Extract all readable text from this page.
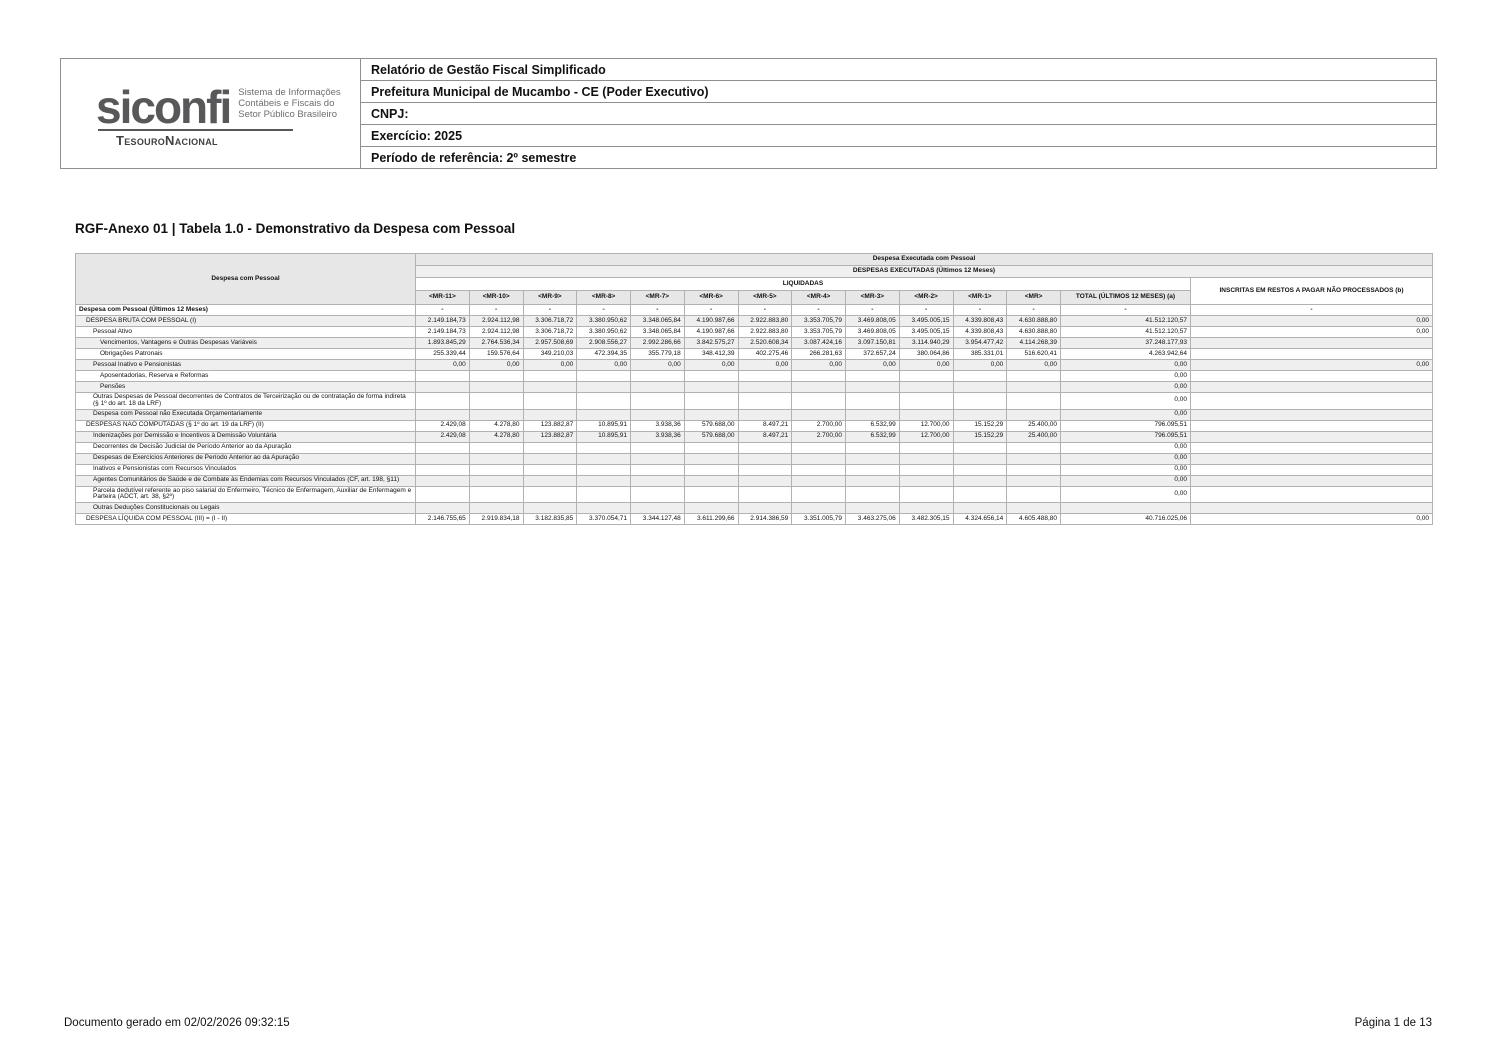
siconfi Sistema de Informações
Contábeis e Fiscais do
Setor Público Brasileiro
TesouroNacional
	Relatório de Gestão Fiscal Simplificado
Prefeitura Municipal de Mucambo - CE (Poder Executivo)
CNPJ:
Exercício: 2025
Período de referência: 2º semestre
RGF-Anexo 01 | Tabela 1.0 - Demonstrativo da Despesa com Pessoal
Despesa com Pessoal	Despesa Executada com Pessoal													
	DESPESAS EXECUTADAS (Últimos 12 Meses)													
	LIQUIDADAS													INSCRITAS EM RESTOS A PAGAR NÃO PROCESSADOS (b)
	<MR-11>	<MR-10>	<MR-9>	<MR-8>	<MR-7>	<MR-6>	<MR-5>	<MR-4>	<MR-3>	<MR-2>	<MR-1>	<MR>	TOTAL (ÚLTIMOS 12 MESES) (a)	
Despesa com Pessoal (Últimos 12 Meses)	-	-	-	-	-	-	-	-	-	-	-	-	-	-
DESPESA BRUTA COM PESSOAL (I)	2.149.184,73	2.924.112,98	3.306.718,72	3.380.950,62	3.348.065,84	4.190.987,66	2.922.883,80	3.353.705,79	3.469.808,05	3.495.005,15	4.339.808,43	4.630.888,80	41.512.120,57	0,00
Pessoal Ativo	2.149.184,73	2.924.112,98	3.306.718,72	3.380.950,62	3.348.065,84	4.190.987,66	2.922.883,80	3.353.705,79	3.469.808,05	3.495.005,15	4.339.808,43	4.630.888,80	41.512.120,57	0,00
Vencimentos, Vantagens e Outras Despesas Variáveis	1.893.845,29	2.764.536,34	2.957.508,69	2.908.556,27	2.992.286,66	3.842.575,27	2.520.608,34	3.087.424,16	3.097.150,81	3.114.940,29	3.954.477,42	4.114.268,39	37.248.177,93	
Obrigações Patronais	255.339,44	159.576,64	349.210,03	472.394,35	355.779,18	348.412,39	402.275,46	266.281,63	372.657,24	380.064,86	385.331,01	516.620,41	4.263.942,64	
Pessoal Inativo e Pensionistas	0,00	0,00	0,00	0,00	0,00	0,00	0,00	0,00	0,00	0,00	0,00	0,00	0,00	0,00
Aposentadorias, Reserva e Reformas													0,00	
Pensões													0,00	
Outras Despesas de Pessoal decorrentes de Contratos de Terceirização ou de contratação de forma indireta (§ 1º do art. 18 da LRF)													0,00	
Despesa com Pessoal não Executada Orçamentariamente													0,00	
DESPESAS NÃO COMPUTADAS (§ 1º do art. 19 da LRF) (II)	2.429,08	4.278,80	123.882,87	10.895,91	3.938,36	579.688,00	8.497,21	2.700,00	6.532,99	12.700,00	15.152,29	25.400,00	796.095,51	
Indenizações por Demissão e Incentivos à Demissão Voluntária	2.429,08	4.278,80	123.882,87	10.895,91	3.938,36	579.688,00	8.497,21	2.700,00	6.532,99	12.700,00	15.152,29	25.400,00	796.095,51	
Decorrentes de Decisão Judicial de Período Anterior ao da Apuração													0,00	
Despesas de Exercícios Anteriores de Período Anterior ao da Apuração													0,00	
Inativos e Pensionistas com Recursos Vinculados													0,00	
Agentes Comunitários de Saúde e de Combate às Endemias com Recursos Vinculados (CF, art. 198, §11)													0,00	
Parcela dedutível referente ao piso salarial do Enfermeiro, Técnico de Enfermagem, Auxiliar de Enfermagem e Parteira (ADCT, art. 38, §2º)													0,00	
Outras Deduções Constitucionais ou Legais														
DESPESA LÍQUIDA COM PESSOAL (III) = (I - II)	2.146.755,65	2.919.834,18	3.182.835,85	3.370.054,71	3.344.127,48	3.611.299,66	2.914.386,59	3.351.005,79	3.463.275,06	3.482.305,15	4.324.656,14	4.605.488,80	40.716.025,06	0,00
Documento gerado em 02/02/2026 09:32:15	Página 1 de 13
